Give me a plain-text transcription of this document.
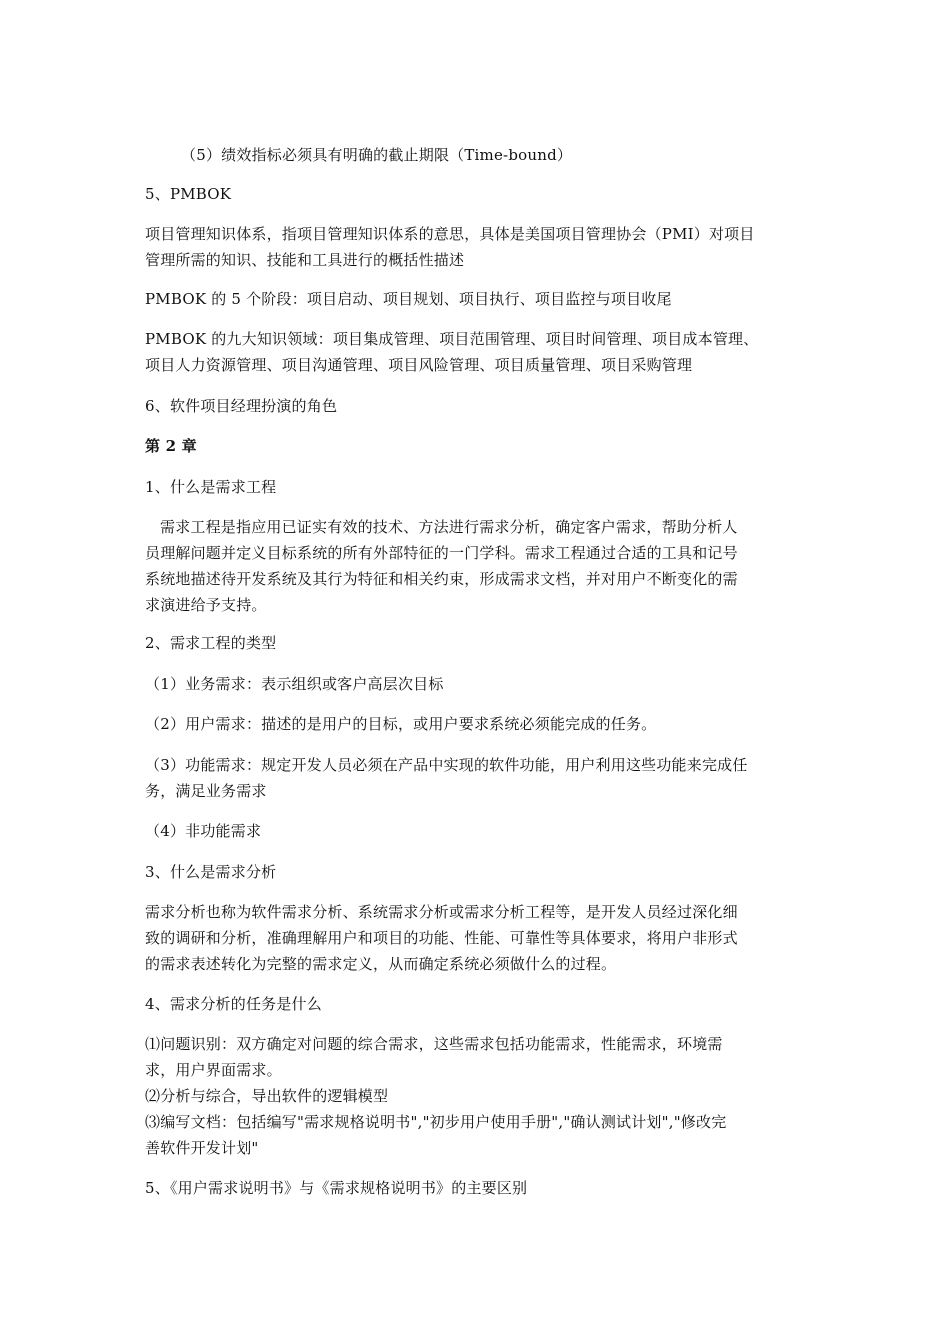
（5）绩效指标必须具有明确的截止期限（Time-bound）
5、PMBOK
项目管理知识体系，指项目管理知识体系的意思，具体是美国项目管理协会（PMI）对项目
管理所需的知识、技能和工具进行的概括性描述
PMBOK 的 5 个阶段：项目启动、项目规划、项目执行、项目监控与项目收尾
PMBOK 的九大知识领域：项目集成管理、项目范围管理、项目时间管理、项目成本管理、
项目人力资源管理、项目沟通管理、项目风险管理、项目质量管理、项目采购管理
6、软件项目经理扮演的角色
第 2 章
1、什么是需求工程
需求工程是指应用已证实有效的技术、方法进行需求分析，确定客户需求，帮助分析人
员理解问题并定义目标系统的所有外部特征的一门学科。需求工程通过合适的工具和记号
系统地描述待开发系统及其行为特征和相关约束，形成需求文档，并对用户不断变化的需
求演进给予支持。
2、需求工程的类型
（1）业务需求：表示组织或客户高层次目标
（2）用户需求：描述的是用户的目标，或用户要求系统必须能完成的任务。
（3）功能需求：规定开发人员必须在产品中实现的软件功能，用户利用这些功能来完成任
务，满足业务需求
（4）非功能需求
3、什么是需求分析
需求分析也称为软件需求分析、系统需求分析或需求分析工程等，是开发人员经过深化细
致的调研和分析，准确理解用户和项目的功能、性能、可靠性等具体要求，将用户非形式
的需求表述转化为完整的需求定义，从而确定系统必须做什么的过程。
4、需求分析的任务是什么
⑴问题识别：双方确定对问题的综合需求，这些需求包括功能需求，性能需求，环境需
求，用户界面需求。
⑵分析与综合，导出软件的逻辑模型
⑶编写文档：包括编写"需求规格说明书","初步用户使用手册","确认测试计划","修改完
善软件开发计划"
5、《用户需求说明书》与《需求规格说明书》的主要区别
